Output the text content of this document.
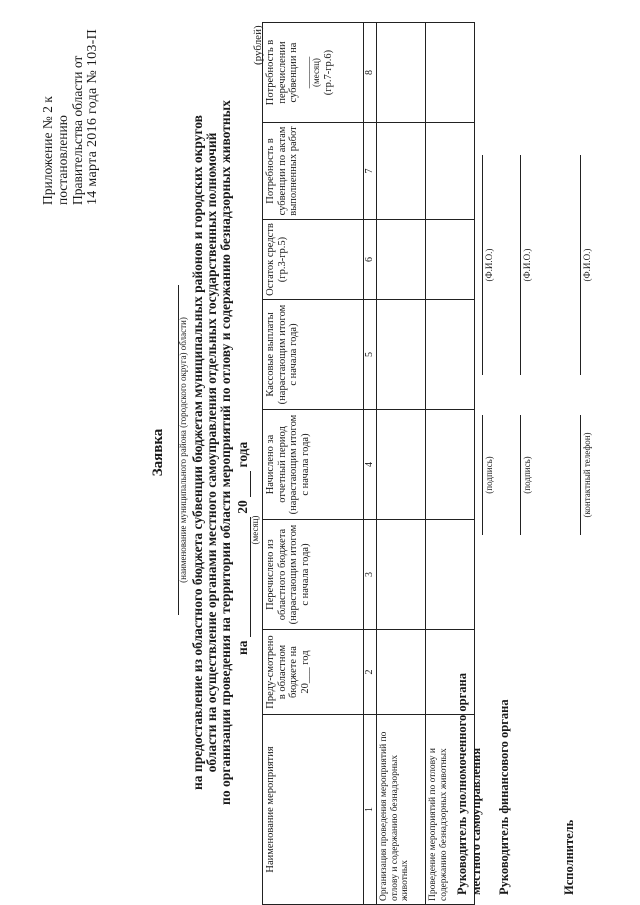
Приложение № 2 к постановлению Правительства области от 14 марта 2016 года № 103-П
Заявка (наименование муниципального района (городского округа) области) на предоставление из областного бюджета субвенции бюджетам муниципальных районов и городских округов области на осуществление органами местного самоуправления отдельных государственных полномочий по организации проведения на территории области мероприятий по отлову и содержанию безнадзорных животных на  20  года
(месяц)
(рублей)
Наименование мероприятия	Преду-смотрено в областном бюджете на 20___ год	Перечислено из областного бюджета (нарастающим итогом с начала года)	Начислено за отчетный период (нарастающим итогом с начала года)	Кассовые выплаты (нарастающим итогом с начала года)	Остаток средств (гр.3-гр.5)	Потребность в субвенции по актам выполненных работ	Потребность в перечислении субвенции на ______ (месяц) (гр.7-гр.6)

1	2	3	4	5	6	7	8
Организация проведения мероприятий по отлову и содержанию безнадзорных животных							
Проведение мероприятий по отлову и содержанию безнадзорных животных							Руководитель уполномоченного органа местного самоуправления
(подпись)
(Ф.И.О.)
Руководитель финансового органа
(подпись)
(Ф.И.О.)
Исполнитель
(контактный телефон)
(Ф.И.О.)
